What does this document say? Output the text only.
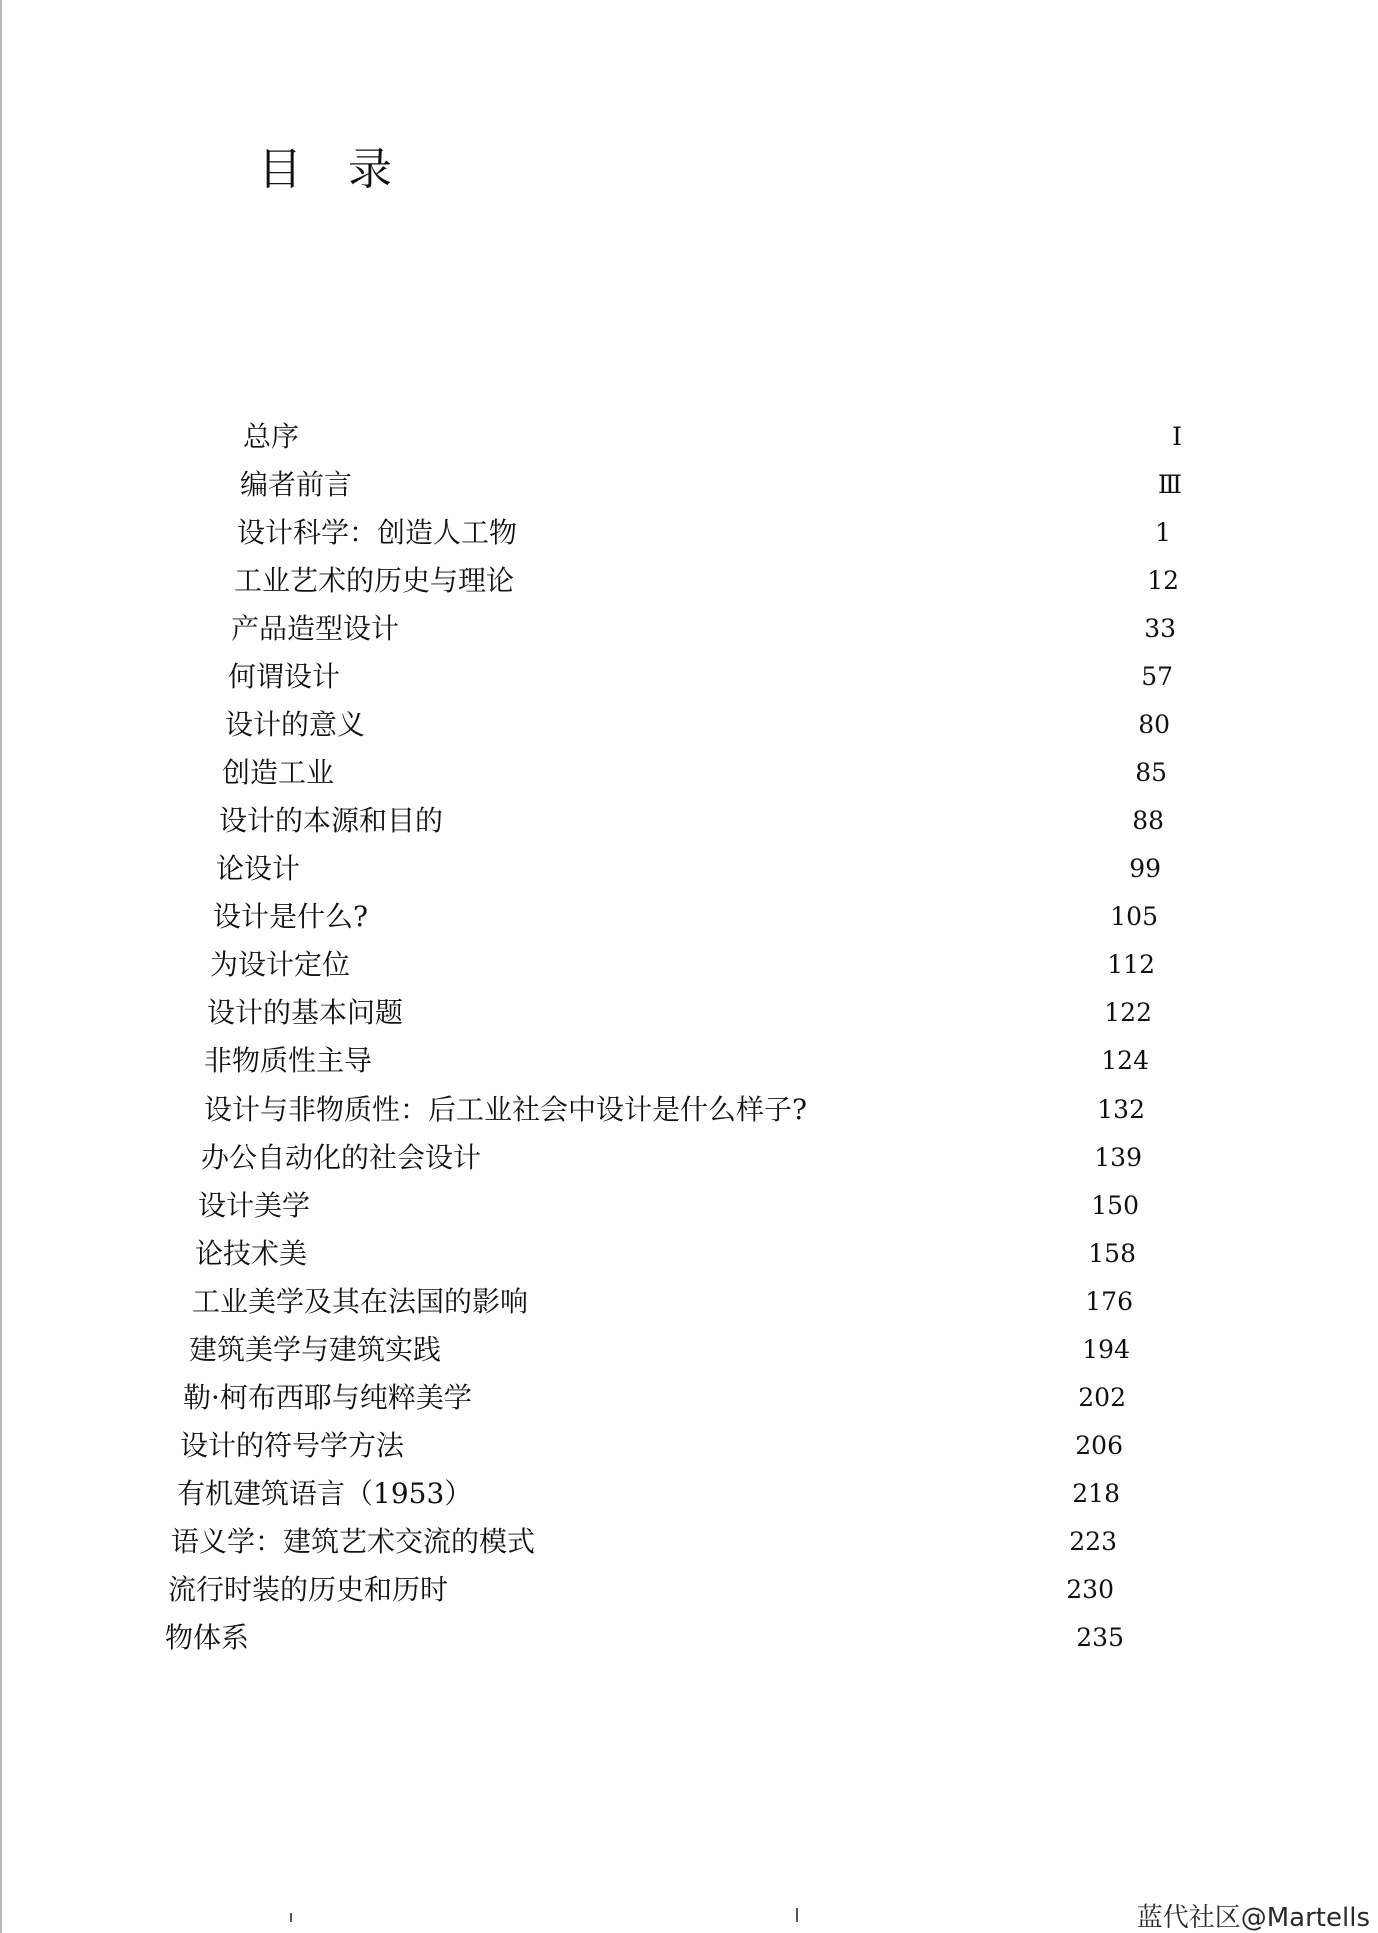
目 录
总序	I
编者前言	Ⅲ
设计科学：创造人工物	1
工业艺术的历史与理论	12
产品造型设计	33
何谓设计	57
设计的意义	80
创造工业	85
设计的本源和目的	88
论设计	99
设计是什么?	105
为设计定位	112
设计的基本问题	122
非物质性主导	124
设计与非物质性：后工业社会中设计是什么样子?	132
办公自动化的社会设计	139
设计美学	150
论技术美	158
工业美学及其在法国的影响	176
建筑美学与建筑实践	194
勒·柯布西耶与纯粹美学	202
设计的符号学方法	206
有机建筑语言（1953）	218
语义学：建筑艺术交流的模式	223
流行时装的历史和历时	230
物体系	235
蓝代社区@Martells
